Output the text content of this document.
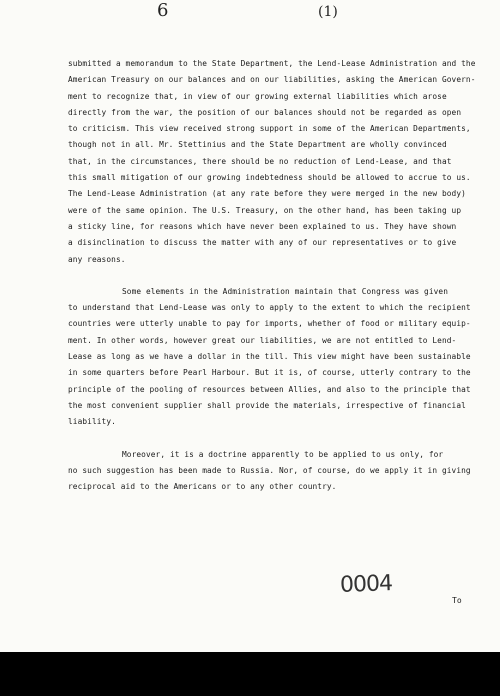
6	(1)
submitted a memorandum to the State Department, the Lend-Lease Administration and the
American Treasury on our balances and on our liabilities, asking the American Govern-
ment to recognize that, in view of our growing external liabilities which arose
directly from the war, the position of our balances should not be regarded as open
to criticism. This view received strong support in some of the American Departments,
though not in all. Mr. Stettinius and the State Department are wholly convinced
that, in the circumstances, there should be no reduction of Lend-Lease, and that
this small mitigation of our growing indebtedness should be allowed to accrue to us.
The Lend-Lease Administration (at any rate before they were merged in the new body)
were of the same opinion. The U.S. Treasury, on the other hand, has been taking up
a sticky line, for reasons which have never been explained to us. They have shown
a disinclination to discuss the matter with any of our representatives or to give
any reasons.
Some elements in the Administration maintain that Congress was given
to understand that Lend-Lease was only to apply to the extent to which the recipient
countries were utterly unable to pay for imports, whether of food or military equip-
ment. In other words, however great our liabilities, we are not entitled to Lend-
Lease as long as we have a dollar in the till. This view might have been sustainable
in some quarters before Pearl Harbour. But it is, of course, utterly contrary to the
principle of the pooling of resources between Allies, and also to the principle that
the most convenient supplier shall provide the materials, irrespective of financial
liability.
Moreover, it is a doctrine apparently to be applied to us only, for
no such suggestion has been made to Russia. Nor, of course, do we apply it in giving
reciprocal aid to the Americans or to any other country.
0004
To
